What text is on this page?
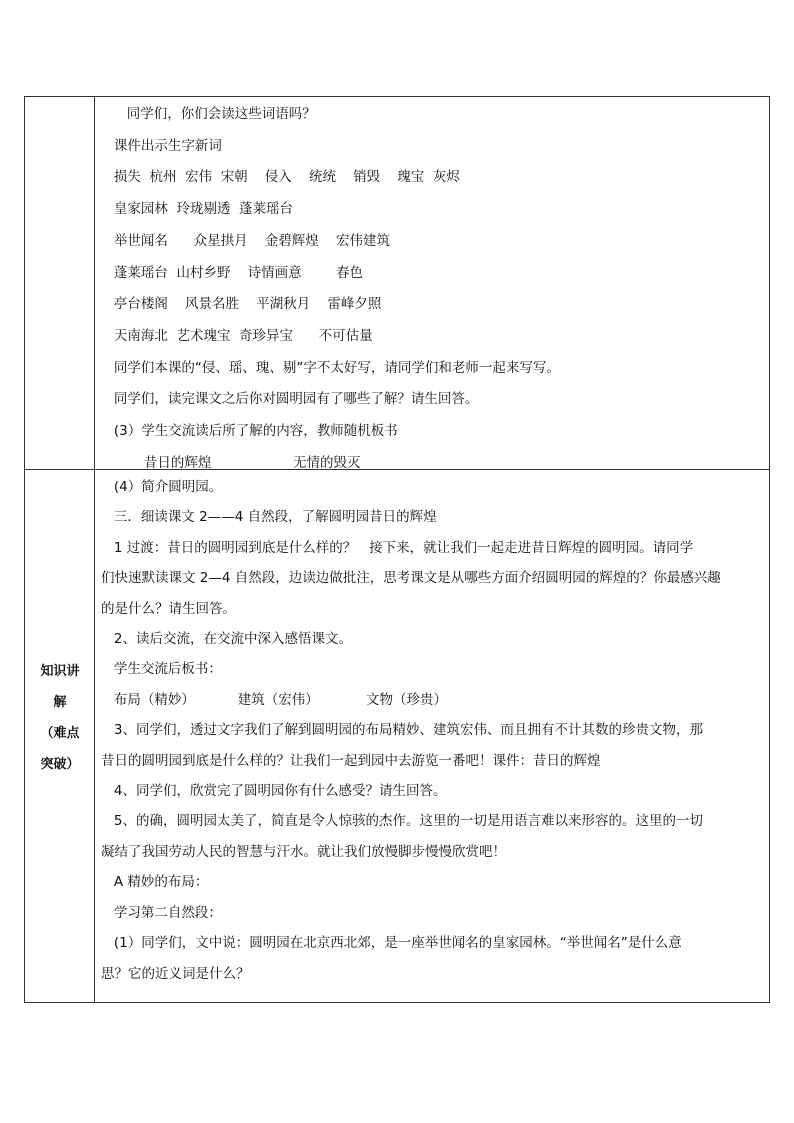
同学们，你们会读这些词语吗？
课件出示生字新词
损失  杭州  宏伟  宋朝    侵入    统统    销毁    瑰宝  灰烬
皇家园林  玲珑剔透  蓬莱瑶台
举世闻名      众星拱月    金碧辉煌    宏伟建筑
蓬莱瑶台  山村乡野    诗情画意        春色
亭台楼阁    风景名胜    平湖秋月    雷峰夕照
天南海北  艺术瑰宝  奇珍异宝      不可估量
同学们本课的“侵、瑶、瑰、剔”字不太好写，请同学们和老师一起来写写。
同学们，读完课文之后你对圆明园有了哪些了解？请生回答。
(3）学生交流读后所了解的内容，教师随机板书
昔日的辉煌                   无情的毁灭
知识讲
解
（难点
突破）
(4）简介圆明园。
三．细读课文 2——4 自然段，了解圆明园昔日的辉煌
1 过渡：昔日的圆明园到底是什么样的？   接下来，就让我们一起走进昔日辉煌的圆明园。请同学
们快速默读课文 2—4 自然段，边读边做批注，思考课文是从哪些方面介绍圆明园的辉煌的？你最感兴趣
的是什么？请生回答。
2、读后交流，在交流中深入感悟课文。
学生交流后板书：
布局（精妙）          建筑（宏伟）           文物（珍贵）
3、同学们，透过文字我们了解到圆明园的布局精妙、建筑宏伟、而且拥有不计其数的珍贵文物，那
昔日的圆明园到底是什么样的？让我们一起到园中去游览一番吧！课件：昔日的辉煌
4、同学们，欣赏完了圆明园你有什么感受？请生回答。
5、的确，圆明园太美了，简直是令人惊骇的杰作。这里的一切是用语言难以来形容的。这里的一切
凝结了我国劳动人民的智慧与汗水。就让我们放慢脚步慢慢欣赏吧！
A 精妙的布局：
学习第二自然段：
(1）同学们，文中说：圆明园在北京西北郊，是一座举世闻名的皇家园林。“举世闻名”是什么意
思？它的近义词是什么？
